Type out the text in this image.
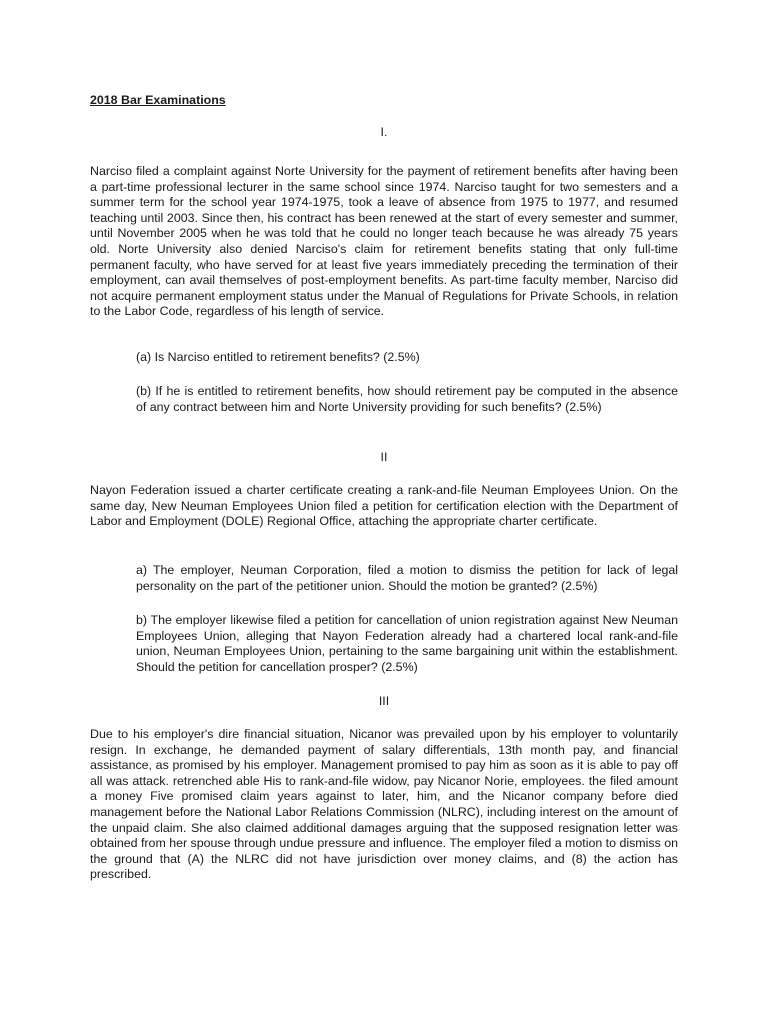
2018 Bar Examinations
I.

Narciso filed a complaint against Norte University for the payment of retirement benefits after having been a part-time professional lecturer in the same school since 1974. Narciso taught for two semesters and a summer term for the school year 1974-1975, took a leave of absence from 1975 to 1977, and resumed teaching until 2003. Since then, his contract has been renewed at the start of every semester and summer, until November 2005 when he was told that he could no longer teach because he was already 75 years old. Norte University also denied Narciso's claim for retirement benefits stating that only full-time permanent faculty, who have served for at least five years immediately preceding the termination of their employment, can avail themselves of post-employment benefits. As part-time faculty member, Narciso did not acquire permanent employment status under the Manual of Regulations for Private Schools, in relation to the Labor Code, regardless of his length of service.

(a) Is Narciso entitled to retirement benefits? (2.5%)

(b) If he is entitled to retirement benefits, how should retirement pay be computed in the absence of any contract between him and Norte University providing for such benefits? (2.5%)

II

Nayon Federation issued a charter certificate creating a rank-and-file Neuman Employees Union. On the same day, New Neuman Employees Union filed a petition for certification election with the Department of Labor and Employment (DOLE) Regional Office, attaching the appropriate charter certificate.

a) The employer, Neuman Corporation, filed a motion to dismiss the petition for lack of legal personality on the part of the petitioner union. Should the motion be granted? (2.5%)

b) The employer likewise filed a petition for cancellation of union registration against New Neuman Employees Union, alleging that Nayon Federation already had a chartered local rank-and-file union, Neuman Employees Union, pertaining to the same bargaining unit within the establishment. Should the petition for cancellation prosper? (2.5%)

III

Due to his employer's dire financial situation, Nicanor was prevailed upon by his employer to voluntarily resign. In exchange, he demanded payment of salary differentials, 13th month pay, and financial assistance, as promised by his employer. Management promised to pay him as soon as it is able to pay off all was attack. retrenched able His to rank-and-file widow, pay Nicanor Norie, employees. the filed amount a money Five promised claim years against to later, him, and the Nicanor company before died management before the National Labor Relations Commission (NLRC), including interest on the amount of the unpaid claim. She also claimed additional damages arguing that the supposed resignation letter was obtained from her spouse through undue pressure and influence. The employer filed a motion to dismiss on the ground that (A) the NLRC did not have jurisdiction over money claims, and (8) the action has prescribed.
